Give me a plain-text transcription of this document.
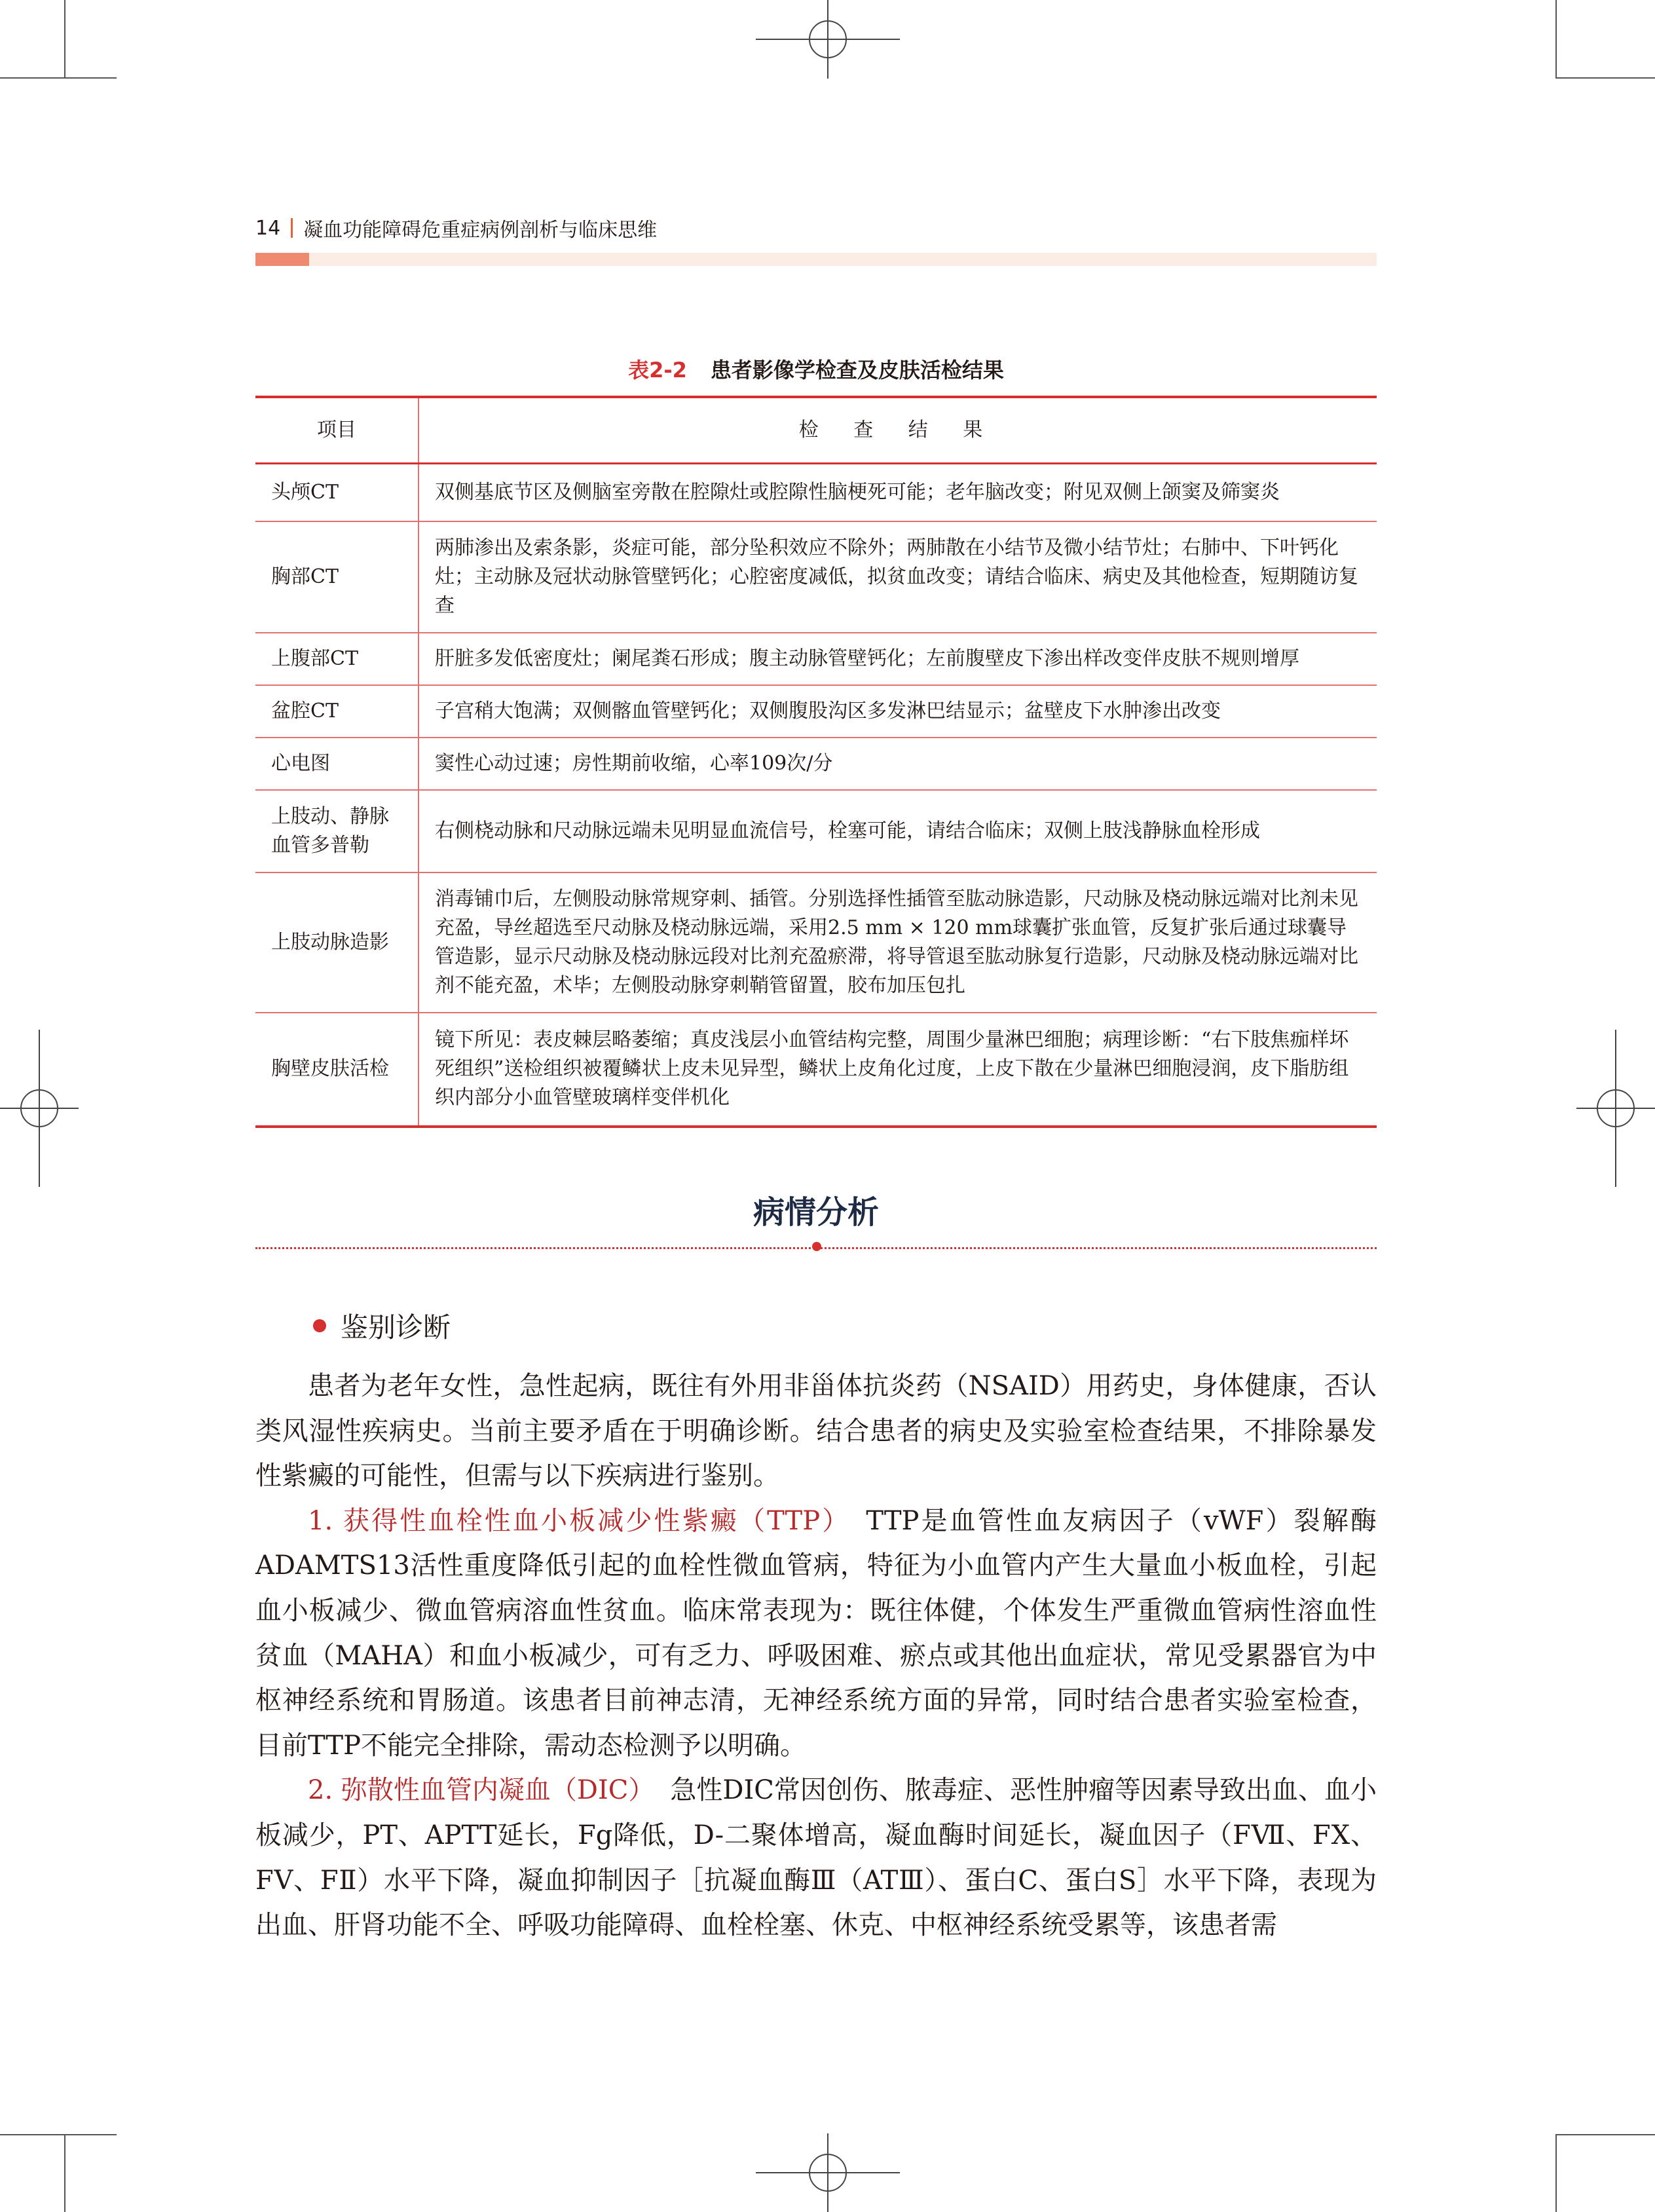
14 凝血功能障碍危重症病例剖析与临床思维
表2-2 患者影像学检查及皮肤活检结果
项目	检 查 结 果
头颅CT	双侧基底节区及侧脑室旁散在腔隙灶或腔隙性脑梗死可能；老年脑改变；附见双侧上颌窦及筛窦炎
胸部CT	两肺渗出及索条影，炎症可能，部分坠积效应不除外；两肺散在小结节及微小结节灶；右肺中、下叶钙化灶；主动脉及冠状动脉管壁钙化；心腔密度减低，拟贫血改变；请结合临床、病史及其他检查，短期随访复查
上腹部CT	肝脏多发低密度灶；阑尾粪石形成；腹主动脉管壁钙化；左前腹壁皮下渗出样改变伴皮肤不规则增厚
盆腔CT	子宫稍大饱满；双侧髂血管壁钙化；双侧腹股沟区多发淋巴结显示；盆壁皮下水肿渗出改变
心电图	窦性心动过速；房性期前收缩，心率109次/分
上肢动、静脉血管多普勒	右侧桡动脉和尺动脉远端未见明显血流信号，栓塞可能，请结合临床；双侧上肢浅静脉血栓形成
上肢动脉造影	消毒铺巾后，左侧股动脉常规穿刺、插管。分别选择性插管至肱动脉造影，尺动脉及桡动脉远端对比剂未见充盈，导丝超选至尺动脉及桡动脉远端，采用2.5 mm × 120 mm球囊扩张血管，反复扩张后通过球囊导管造影，显示尺动脉及桡动脉远段对比剂充盈瘀滞，将导管退至肱动脉复行造影，尺动脉及桡动脉远端对比剂不能充盈，术毕；左侧股动脉穿刺鞘管留置，胶布加压包扎
胸壁皮肤活检	镜下所见：表皮棘层略萎缩；真皮浅层小血管结构完整，周围少量淋巴细胞；病理诊断：“右下肢焦痂样坏死组织”送检组织被覆鳞状上皮未见异型，鳞状上皮角化过度，上皮下散在少量淋巴细胞浸润，皮下脂肪组织内部分小血管壁玻璃样变伴机化
病情分析
鉴别诊断

患者为老年女性，急性起病，既往有外用非甾体抗炎药（NSAID）用药史，身体健康，否认类风湿性疾病史。当前主要矛盾在于明确诊断。结合患者的病史及实验室检查结果，不排除暴发性紫癜的可能性，但需与以下疾病进行鉴别。

1. 获得性血栓性血小板减少性紫癜（TTP） TTP是血管性血友病因子（vWF）裂解酶ADAMTS13活性重度降低引起的血栓性微血管病，特征为小血管内产生大量血小板血栓，引起血小板减少、微血管病溶血性贫血。临床常表现为：既往体健，个体发生严重微血管病性溶血性贫血（MAHA）和血小板减少，可有乏力、呼吸困难、瘀点或其他出血症状，常见受累器官为中枢神经系统和胃肠道。该患者目前神志清，无神经系统方面的异常，同时结合患者实验室检查，目前TTP不能完全排除，需动态检测予以明确。

2. 弥散性血管内凝血（DIC） 急性DIC常因创伤、脓毒症、恶性肿瘤等因素导致出血、血小板减少，PT、APTT延长，Fg降低，D-二聚体增高，凝血酶时间延长，凝血因子（FⅦ、FⅩ、FⅤ、FⅡ）水平下降，凝血抑制因子［抗凝血酶Ⅲ（ATⅢ）、蛋白C、蛋白S］水平下降，表现为出血、肝肾功能不全、呼吸功能障碍、血栓栓塞、休克、中枢神经系统受累等，该患者需
